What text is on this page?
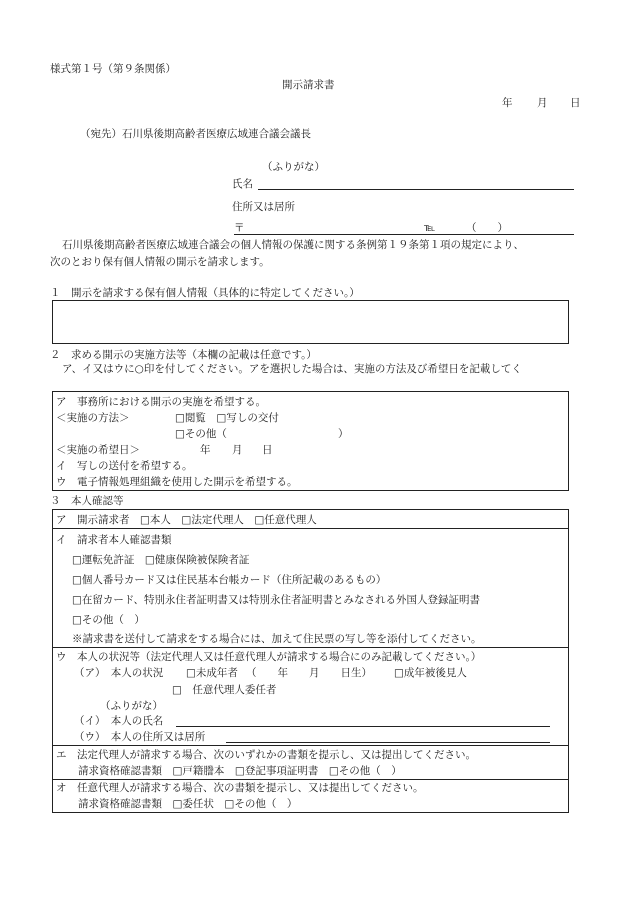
様式第１号（第９条関係）
開示請求書
年 月 日
（宛先）石川県後期高齢者医療広域連合議会議長
（ふりがな）
氏名
住所又は居所
〒	℡	（　　）
石川県後期高齢者医療広域連合議会の個人情報の保護に関する条例第１９条第１項の規定により、
次のとおり保有個人情報の開示を請求します。
１　開示を請求する保有個人情報（具体的に特定してください。）
２　求める開示の実施方法等（本欄の記載は任意です。）
ア、イ又はウに○印を付してください。アを選択した場合は、実施の方法及び希望日を記載してく
ア　事務所における開示の実施を希望する。
＜実施の方法＞	□閲覧　□写しの交付
□その他（	）
＜実施の希望日＞	年 月 日
イ　写しの送付を希望する。
ウ　電子情報処理組織を使用した開示を希望する。
３　本人確認等
ア　開示請求者　□本人　□法定代理人　□任意代理人
イ　請求者本人確認書類
□運転免許証　□健康保険被保険者証
□個人番号カード又は住民基本台帳カード（住所記載のあるもの）
□在留カード、特別永住者証明書又は特別永住者証明書とみなされる外国人登録証明書
□その他（　）
※請求書を送付して請求をする場合には、加えて住民票の写し等を添付してください。
ウ　本人の状況等（法定代理人又は任意代理人が請求する場合にのみ記載してください。）
（ア）　本人の状況 □未成年者 （　　年　　月　　日生） □成年被後見人
□　任意代理人委任者
（ふりがな）
（イ）　本人の氏名
（ウ）　本人の住所又は居所
エ　法定代理人が請求する場合、次のいずれかの書類を提示し、又は提出してください。
請求資格確認書類　□戸籍謄本　□登記事項証明書　□その他（　）
オ　任意代理人が請求する場合、次の書類を提示し、又は提出してください。
請求資格確認書類　□委任状　□その他（　）
